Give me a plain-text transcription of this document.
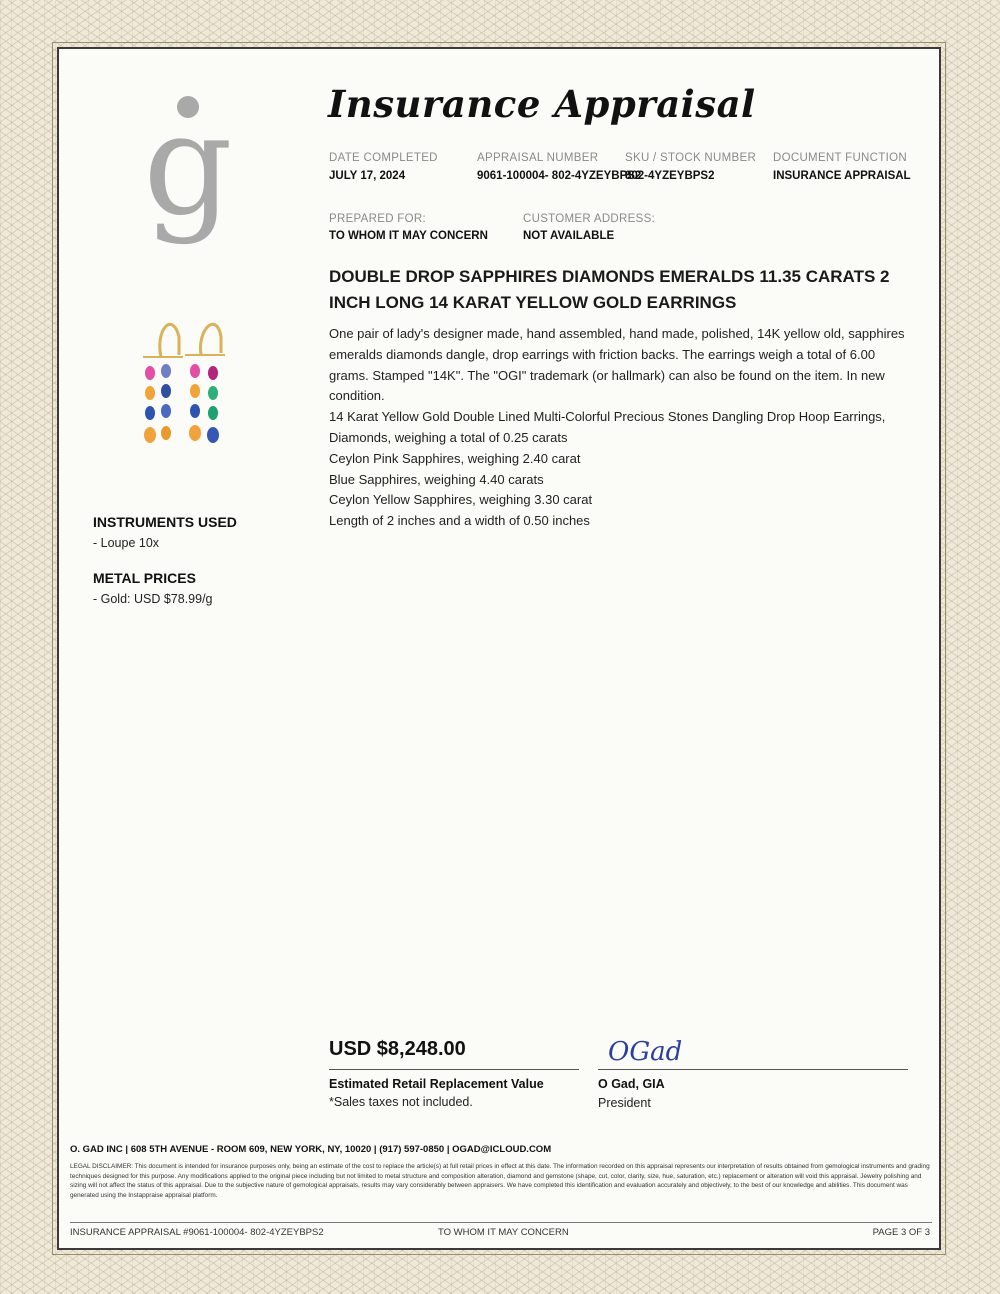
g	Insurance Appraisal
DATE COMPLETED
JULY 17, 2024
APPRAISAL NUMBER
9061-100004- 802-4YZEYBPS2
SKU / STOCK NUMBER
802-4YZEYBPS2
DOCUMENT FUNCTION
INSURANCE APPRAISAL
PREPARED FOR:
TO WHOM IT MAY CONCERN
CUSTOMER ADDRESS:
NOT AVAILABLE
DOUBLE DROP SAPPHIRES DIAMONDS EMERALDS 11.35 CARATS 2 INCH LONG 14 KARAT YELLOW GOLD EARRINGS

One pair of lady's designer made, hand assembled, hand made, polished, 14K yellow old, sapphires emeralds diamonds dangle, drop earrings with friction backs. The earrings weigh a total of 6.00 grams. Stamped "14K". The "OGI" trademark (or hallmark) can also be found on the item. In new condition.

14 Karat Yellow Gold Double Lined Multi-Colorful Precious Stones Dangling Drop Hoop Earrings,

Diamonds, weighing a total of 0.25 carats

Ceylon Pink Sapphires, weighing 2.40 carat

Blue Sapphires, weighing 4.40 carats

Ceylon Yellow Sapphires, weighing 3.30 carat

Length of 2 inches and a width of 0.50 inches

INSTRUMENTS USED
- Loupe 10x
METAL PRICES
- Gold: USD $78.99/g
USD $8,248.00
Estimated Retail Replacement Value
*Sales taxes not included.
OGad
O Gad, GIA
President
O. GAD INC | 608 5TH AVENUE - ROOM 609, NEW YORK, NY, 10020 | (917) 597-0850 | OGAD@ICLOUD.COM
LEGAL DISCLAIMER: This document is intended for insurance purposes only, being an estimate of the cost to replace the article(s) at full retail prices in effect at this date. The information recorded on this appraisal represents our interpretation of results obtained from gemological instruments and grading techniques designed for this purpose. Any modifications applied to the original piece including but not limited to metal structure and composition alteration, diamond and gemstone (shape, cut, color, clarity, size, hue, saturation, etc.) replacement or alteration will void this appraisal. Jewelry polishing and sizing will not affect the status of this appraisal. Due to the subjective nature of gemological appraisals, results may vary considerably between appraisers. We have completed this identification and evaluation accurately and objectively, to the best of our knowledge and abilities. This document was generated using the Instappraise appraisal platform.
INSURANCE APPRAISAL #9061-100004- 802-4YZEYBPS2	TO WHOM IT MAY CONCERN	PAGE 3 OF 3
